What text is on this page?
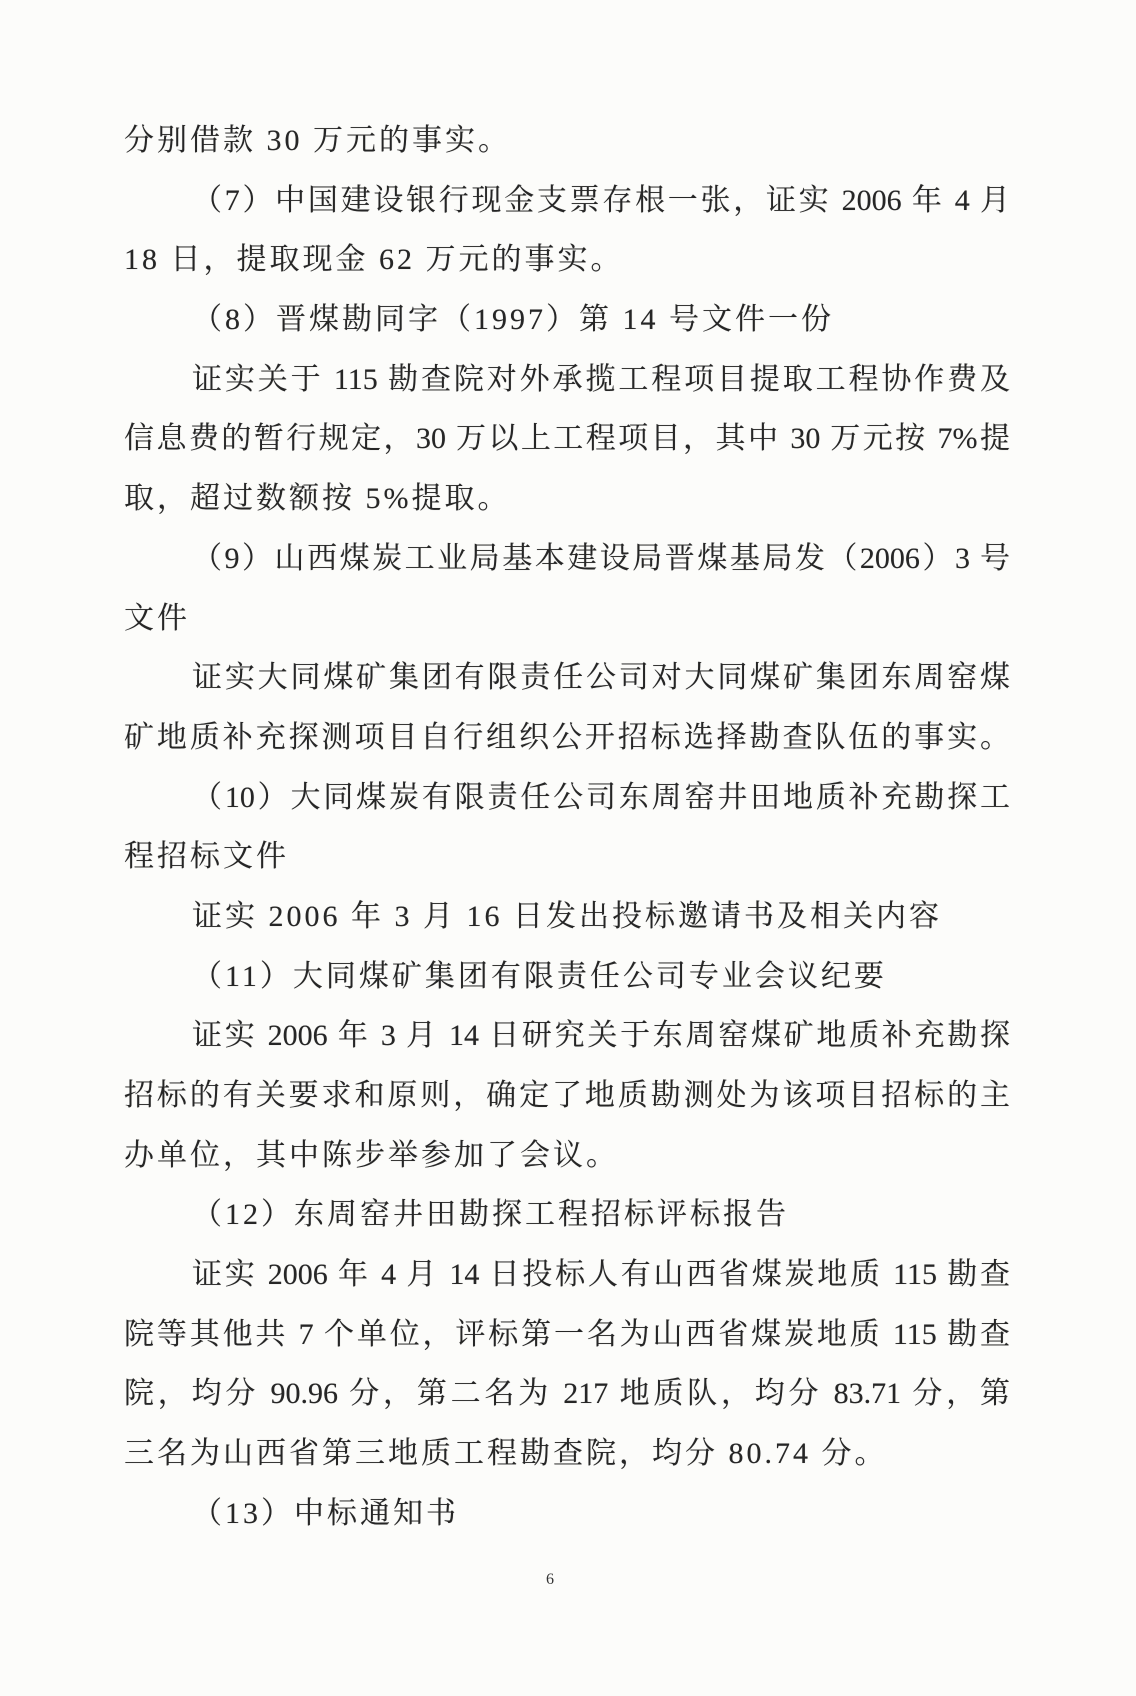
分别借款 30 万元的事实。
（7）中国建设银行现金支票存根一张，证实 2006 年 4 月
18 日，提取现金 62 万元的事实。
（8）晋煤勘同字（1997）第 14 号文件一份
证实关于 115 勘查院对外承揽工程项目提取工程协作费及
信息费的暂行规定，30 万以上工程项目，其中 30 万元按 7%提
取，超过数额按 5%提取。
（9）山西煤炭工业局基本建设局晋煤基局发（2006）3 号
文件
证实大同煤矿集团有限责任公司对大同煤矿集团东周窑煤
矿地质补充探测项目自行组织公开招标选择勘查队伍的事实。
（10）大同煤炭有限责任公司东周窑井田地质补充勘探工
程招标文件
证实 2006 年 3 月 16 日发出投标邀请书及相关内容
（11）大同煤矿集团有限责任公司专业会议纪要
证实 2006 年 3 月 14 日研究关于东周窑煤矿地质补充勘探
招标的有关要求和原则，确定了地质勘测处为该项目招标的主
办单位，其中陈步举参加了会议。
（12）东周窑井田勘探工程招标评标报告
证实 2006 年 4 月 14 日投标人有山西省煤炭地质 115 勘查
院等其他共 7 个单位，评标第一名为山西省煤炭地质 115 勘查
院，均分 90.96 分，第二名为 217 地质队，均分 83.71 分，第
三名为山西省第三地质工程勘查院，均分 80.74 分。
（13）中标通知书
6
